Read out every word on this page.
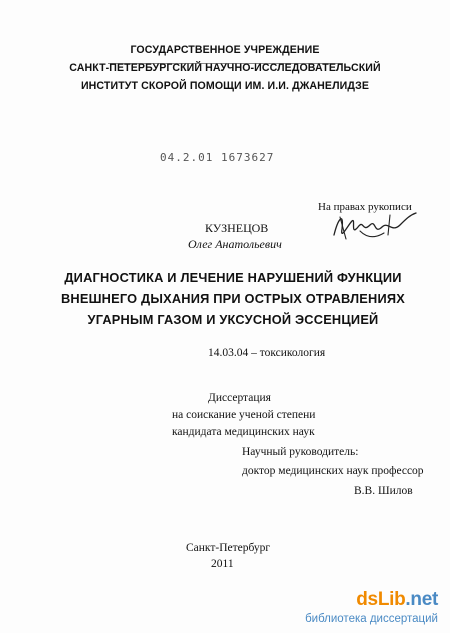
ГОСУДАРСТВЕННОЕ УЧРЕЖДЕНИЕ
САНКТ-ПЕТЕРБУРГСКИЙ НАУЧНО-ИССЛЕДОВАТЕЛЬСКИЙ
ИНСТИТУТ СКОРОЙ ПОМОЩИ ИМ. И.И. ДЖАНЕЛИДЗЕ
04.2.01 1673627
На правах рукописи
КУЗНЕЦОВ
Олег Анатольевич
ДИАГНОСТИКА И ЛЕЧЕНИЕ НАРУШЕНИЙ ФУНКЦИИ
ВНЕШНЕГО ДЫХАНИЯ ПРИ ОСТРЫХ ОТРАВЛЕНИЯХ
УГАРНЫМ ГАЗОМ И УКСУСНОЙ ЭССЕНЦИЕЙ
14.03.04 – токсикология
Диссертация
на соискание ученой степени
кандидата медицинских наук
Научный руководитель:
доктор медицинских наук профессор
В.В. Шилов
Санкт-Петербург
2011
dsLib.net
библиотека диссертаций
